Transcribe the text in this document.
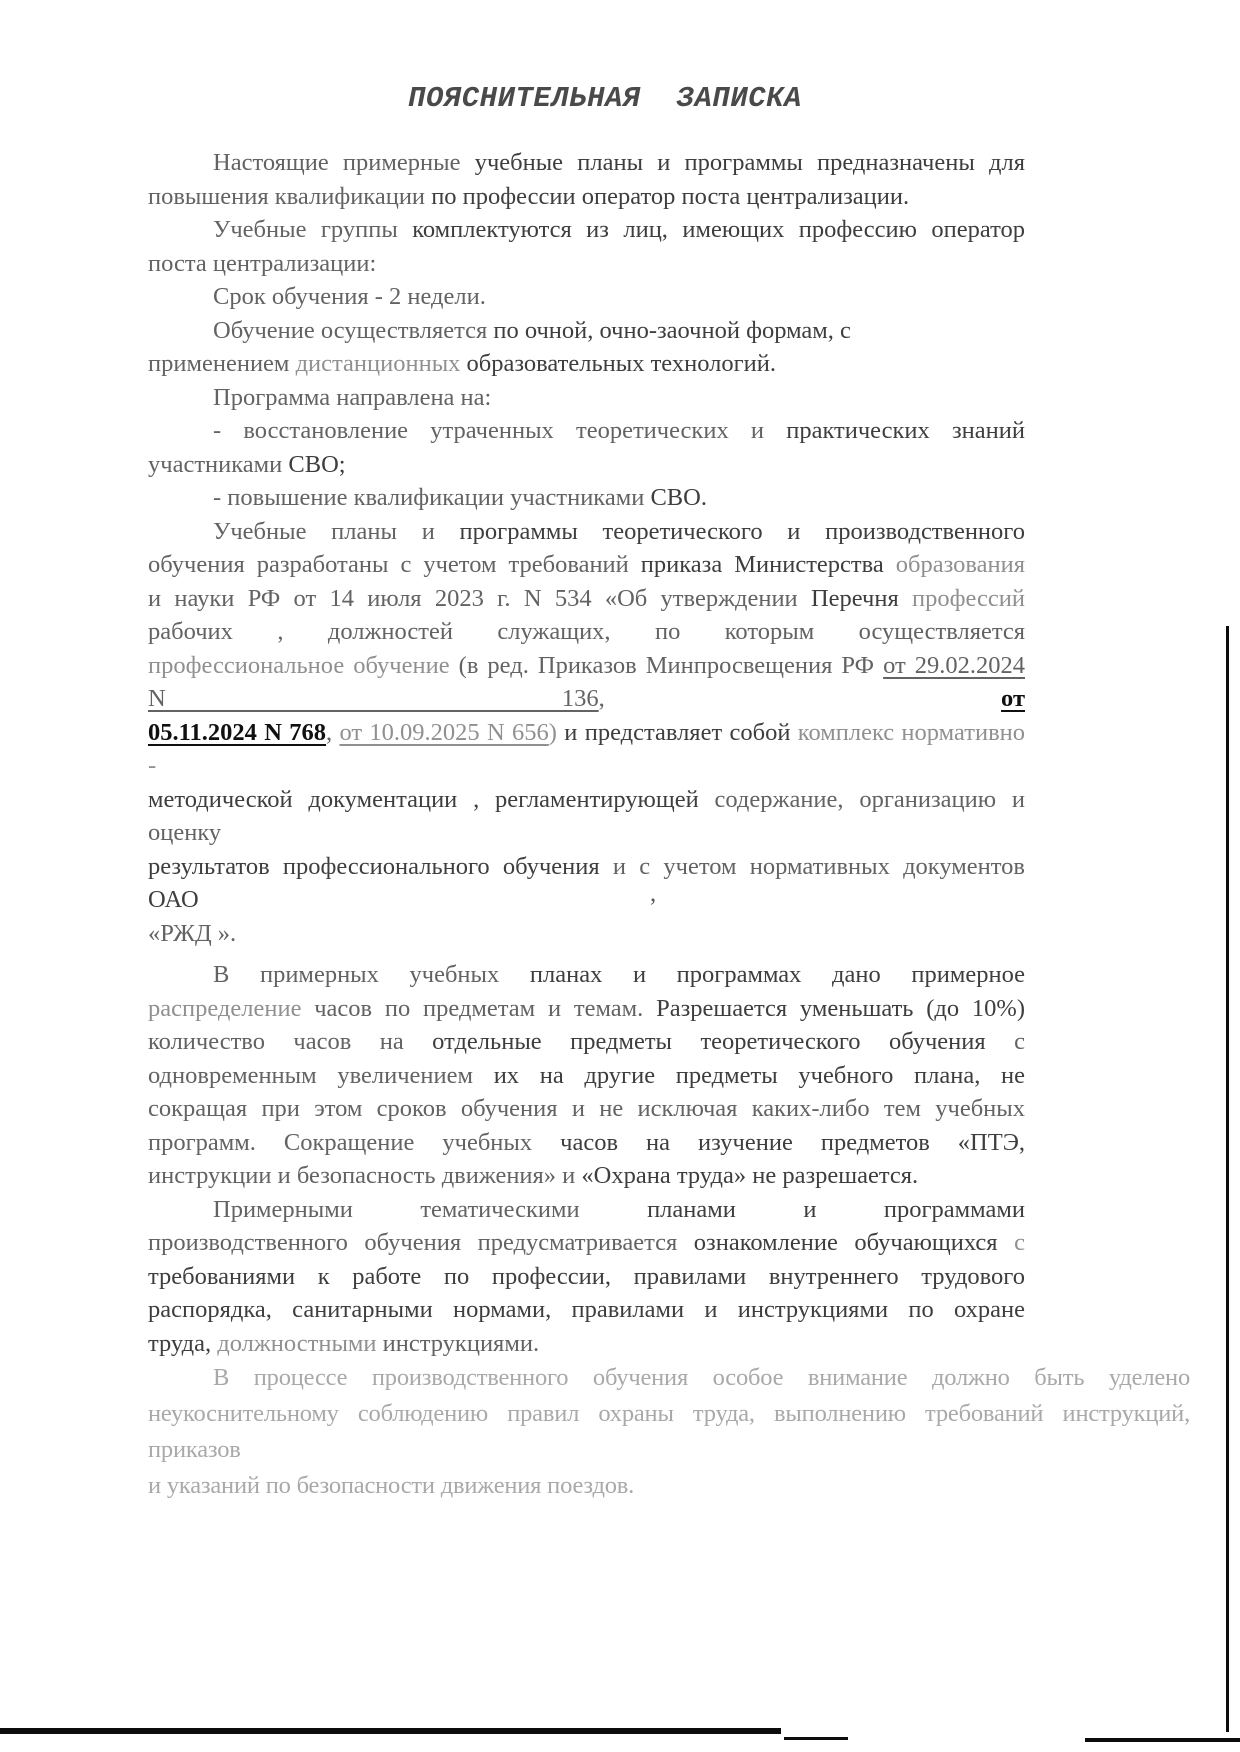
ПОЯСНИТЕЛЬНАЯ  ЗАПИСКА
Настоящие примерные учебные планы и программы предназначены для
повышения квалификации по профессии оператор поста централизации.
Учебные группы комплектуются из лиц, имеющих профессию оператор
поста централизации:
Срок обучения - 2 недели.
Обучение осуществляется по очной, очно-заочной формам, с
применением дистанционных образовательных технологий.
Программа направлена на:
- восстановление утраченных теоретических и практических знаний
участниками СВО;
- повышение квалификации участниками СВО.
Учебные планы и программы теоретического и производственного
обучения разработаны с учетом требований приказа Министерства образования
и науки РФ от 14 июля 2023 г. N 534 «Об утверждении Перечня профессий
рабочих , должностей служащих, по которым осуществляется
профессиональное обучение (в ред. Приказов Минпросвещения РФ от 29.02.2024 N 136, от
05.11.2024 N 768, от 10.09.2025 N 656) и представляет собой комплекс нормативно -
методической документации , регламентирующей содержание, организацию и оценку
результатов профессионального обучения и с учетом нормативных документов ОАО
«РЖД ».
В примерных учебных планах и программах дано примерное
распределение часов по предметам и темам. Разрешается уменьшать (до 10%)
количество часов на отдельные предметы теоретического обучения с
одновременным увеличением их на другие предметы учебного плана, не
сокращая при этом сроков обучения и не исключая каких-либо тем учебных
программ. Сокращение учебных часов на изучение предметов «ПТЭ,
инструкции и безопасность движения» и «Охрана труда» не разрешается.
Примерными тематическими планами и программами
производственного обучения предусматривается ознакомление обучающихся с
требованиями к работе по профессии, правилами внутреннего трудового
распорядка, санитарными нормами, правилами и инструкциями по охране
труда, должностными инструкциями.
В процессе производственного обучения особое внимание должно быть уделено
неукоснительному соблюдению правил охраны труда, выполнению требований инструкций, приказов
и указаний по безопасности движения поездов.
,
